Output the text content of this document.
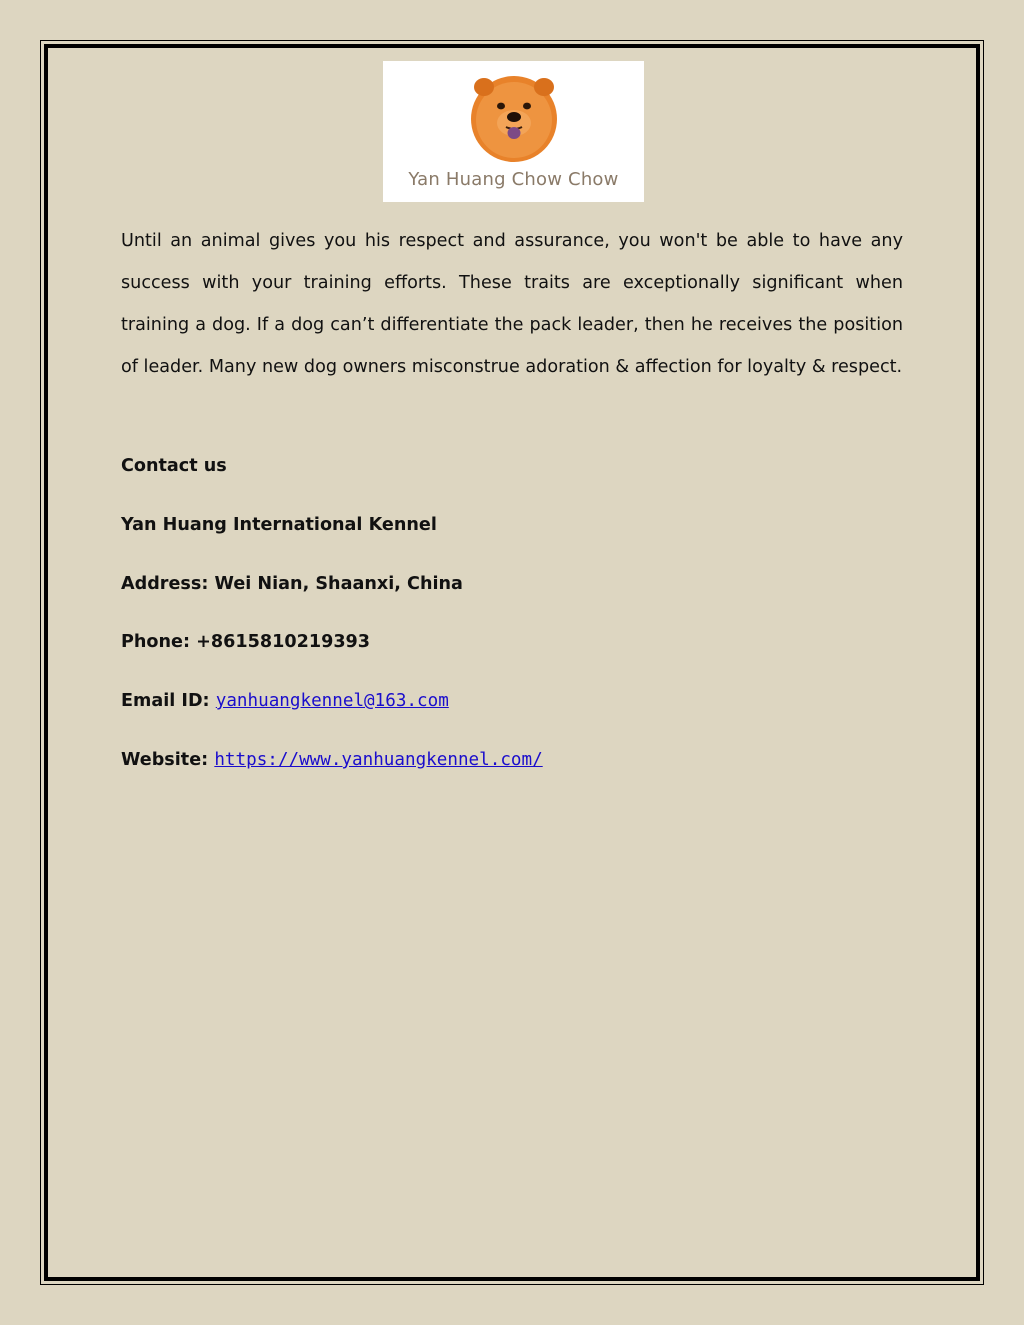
Yan Huang Chow Chow

Until an animal gives you his respect and assurance, you won't be able to have any success with your training efforts. These traits are exceptionally significant when training a dog. If a dog can’t differentiate the pack leader, then he receives the position of leader. Many new dog owners misconstrue adoration & affection for loyalty & respect.

Contact us
Yan Huang International Kennel
Address: Wei Nian, Shaanxi, China
Phone: +8615810219393
Email ID: yanhuangkennel@163.com
Website: https://www.yanhuangkennel.com/
